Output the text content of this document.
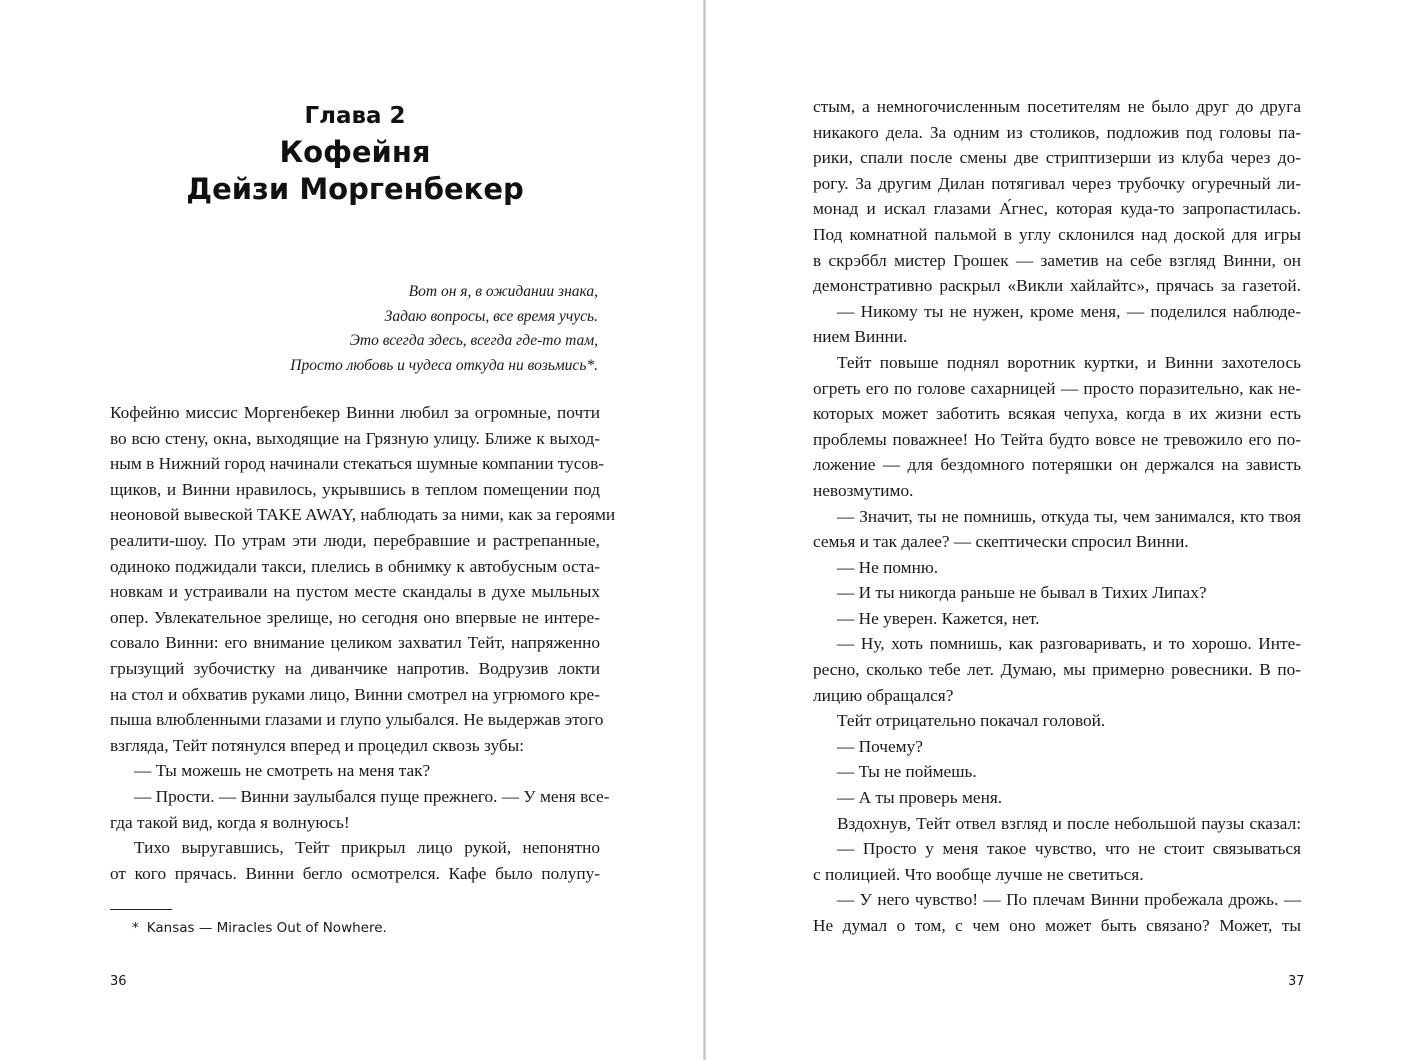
Глава 2
Кофейня
Дейзи Моргенбекер
Вот он я, в ожидании знака,
Задаю вопросы, все время учусь.
Это всегда здесь, всегда где-то там,
Просто любовь и чудеса откуда ни возьмись*.
Кофейню миссис Моргенбекер Винни любил за огромные, почти
во всю стену, окна, выходящие на Грязную улицу. Ближе к выход-
ным в Нижний город начинали стекаться шумные компании тусов-
щиков, и Винни нравилось, укрывшись в теплом помещении под
неоновой вывеской TAKE AWAY, наблюдать за ними, как за героями
реалити-шоу. По утрам эти люди, перебравшие и растрепанные,
одиноко поджидали такси, плелись в обнимку к автобусным оста-
новкам и устраивали на пустом месте скандалы в духе мыльных
опер. Увлекательное зрелище, но сегодня оно впервые не интере-
совало Винни: его внимание целиком захватил Тейт, напряженно
грызущий зубочистку на диванчике напротив. Водрузив локти
на стол и обхватив руками лицо, Винни смотрел на угрюмого кре-
пыша влюбленными глазами и глупо улыбался. Не выдержав этого
взгляда, Тейт потянулся вперед и процедил сквозь зубы:
— Ты можешь не смотреть на меня так?
— Прости. — Винни заулыбался пуще прежнего. — У меня все-
гда такой вид, когда я волнуюсь!
Тихо выругавшись, Тейт прикрыл лицо рукой, непонятно
от кого прячась. Винни бегло осмотрелся. Кафе было полупу-
стым, а немногочисленным посетителям не было друг до друга
никакого дела. За одним из столиков, подложив под головы па-
рики, спали после смены две стриптизерши из клуба через до-
рогу. За другим Дилан потягивал через трубочку огуречный ли-
монад и искал глазами А́гнес, которая куда-то запропастилась.
Под комнатной пальмой в углу склонился над доской для игры
в скрэббл мистер Грошек — заметив на себе взгляд Винни, он
демонстративно раскрыл «Викли хайлайтс», прячась за газетой.
— Никому ты не нужен, кроме меня, — поделился наблюде-
нием Винни.
Тейт повыше поднял воротник куртки, и Винни захотелось
огреть его по голове сахарницей — просто поразительно, как не-
которых может заботить всякая чепуха, когда в их жизни есть
проблемы поважнее! Но Тейта будто вовсе не тревожило его по-
ложение — для бездомного потеряшки он держался на зависть
невозмутимо.
— Значит, ты не помнишь, откуда ты, чем занимался, кто твоя
семья и так далее? — скептически спросил Винни.
— Не помню.
— И ты никогда раньше не бывал в Тихих Липах?
— Не уверен. Кажется, нет.
— Ну, хоть помнишь, как разговаривать, и то хорошо. Инте-
ресно, сколько тебе лет. Думаю, мы примерно ровесники. В по-
лицию обращался?
Тейт отрицательно покачал головой.
— Почему?
— Ты не поймешь.
— А ты проверь меня.
Вздохнув, Тейт отвел взгляд и после небольшой паузы сказал:
— Просто у меня такое чувство, что не стоит связываться
с полицией. Что вообще лучше не светиться.
— У него чувство! — По плечам Винни пробежала дрожь. —
Не думал о том, с чем оно может быть связано? Может, ты
* Kansas — Miracles Out of Nowhere.
36	37
